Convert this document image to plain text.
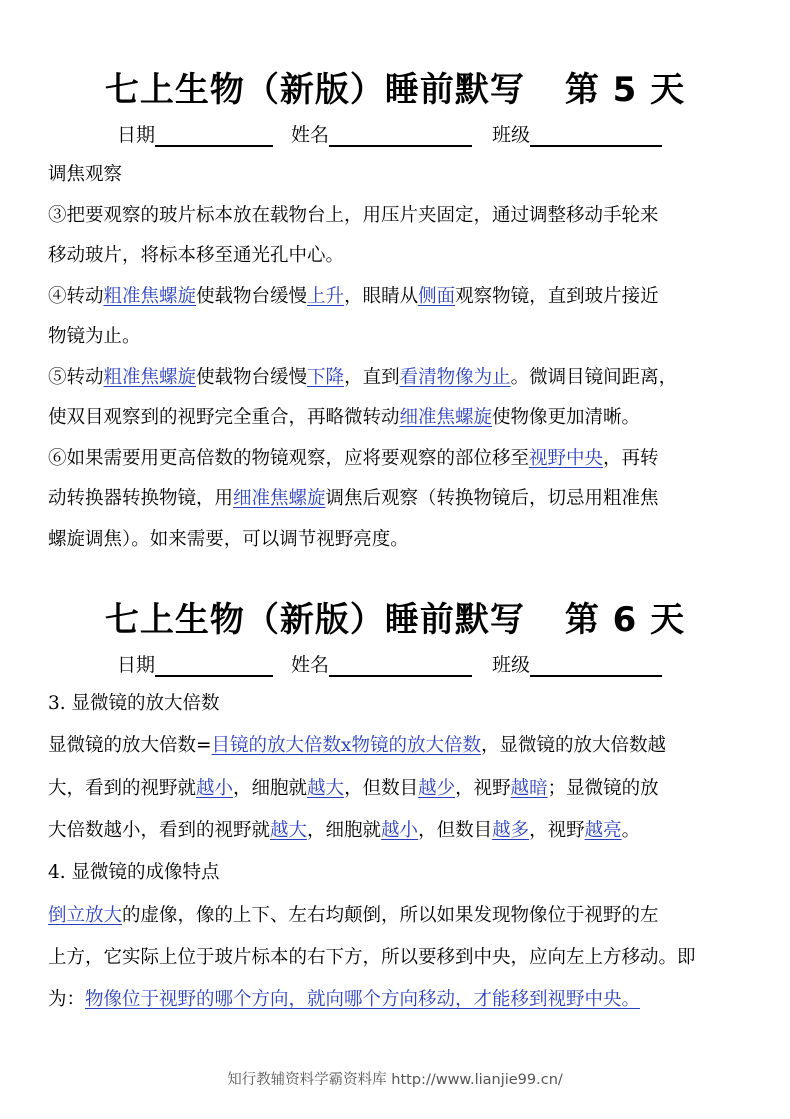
七上生物（新版）睡前默写 第 5 天
日期	姓名	班级
调焦观察
③把要观察的玻片标本放在载物台上，用压片夹固定，通过调整移动手轮来
移动玻片，将标本移至通光孔中心。
④转动粗准焦螺旋使载物台缓慢上升，眼睛从侧面观察物镜，直到玻片接近
物镜为止。
⑤转动粗准焦螺旋使载物台缓慢下降，直到看清物像为止。微调目镜间距离，
使双目观察到的视野完全重合，再略微转动细准焦螺旋使物像更加清晰。
⑥如果需要用更高倍数的物镜观察，应将要观察的部位移至视野中央，再转
动转换器转换物镜，用细准焦螺旋调焦后观察（转换物镜后，切忌用粗准焦
螺旋调焦）。如来需要，可以调节视野亮度。
七上生物（新版）睡前默写 第 6 天
日期	姓名	班级
3. 显微镜的放大倍数
显微镜的放大倍数=目镜的放大倍数x物镜的放大倍数，显微镜的放大倍数越
大，看到的视野就越小，细胞就越大，但数目越少，视野越暗；显微镜的放
大倍数越小，看到的视野就越大，细胞就越小，但数目越多，视野越亮。
4. 显微镜的成像特点
倒立放大的虚像，像的上下、左右均颠倒，所以如果发现物像位于视野的左
上方，它实际上位于玻片标本的右下方，所以要移到中央，应向左上方移动。即
为：物像位于视野的哪个方向，就向哪个方向移动，才能移到视野中央。
知行教辅资料学霸资料库 http://www.lianjie99.cn/
